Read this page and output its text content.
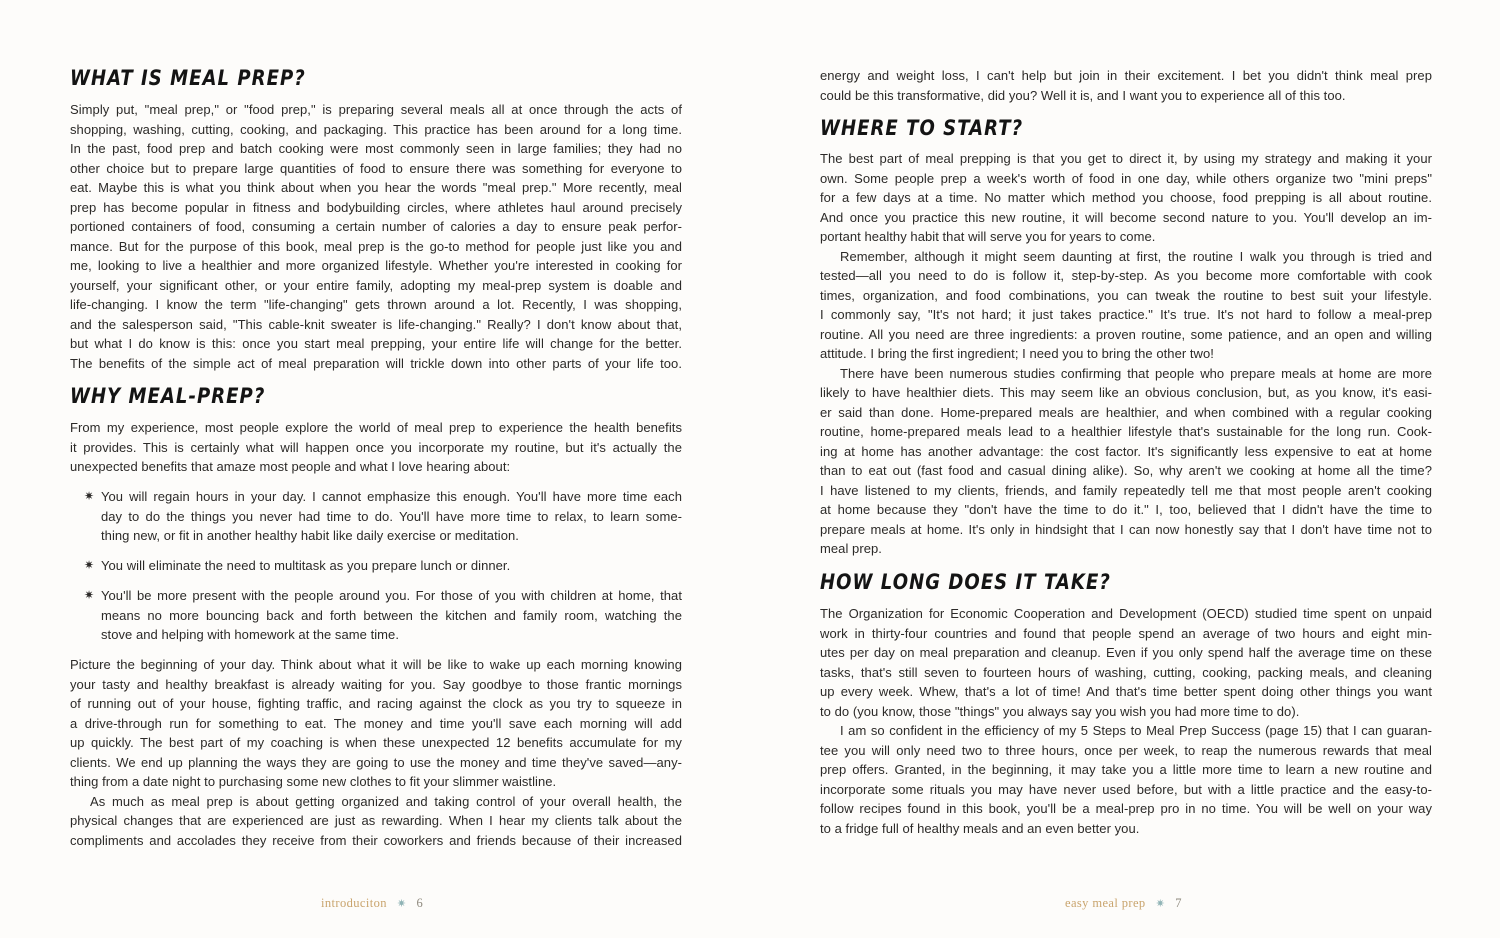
WHAT IS MEAL PREP?
Simply put, "meal prep," or "food prep," is preparing several meals all at once through the acts of
shopping, washing, cutting, cooking, and packaging. This practice has been around for a long time.
In the past, food prep and batch cooking were most commonly seen in large families; they had no
other choice but to prepare large quantities of food to ensure there was something for everyone to
eat. Maybe this is what you think about when you hear the words "meal prep." More recently, meal
prep has become popular in fitness and bodybuilding circles, where athletes haul around precisely
portioned containers of food, consuming a certain number of calories a day to ensure peak perfor-
mance. But for the purpose of this book, meal prep is the go-to method for people just like you and
me, looking to live a healthier and more organized lifestyle. Whether you're interested in cooking for
yourself, your significant other, or your entire family, adopting my meal-prep system is doable and
life-changing. I know the term "life-changing" gets thrown around a lot. Recently, I was shopping,
and the salesperson said, "This cable-knit sweater is life-changing." Really? I don't know about that,
but what I do know is this: once you start meal prepping, your entire life will change for the better.
The benefits of the simple act of meal preparation will trickle down into other parts of your life too.
WHY MEAL-PREP?
From my experience, most people explore the world of meal prep to experience the health benefits
it provides. This is certainly what will happen once you incorporate my routine, but it's actually the
unexpected benefits that amaze most people and what I love hearing about:
✷ You will regain hours in your day. I cannot emphasize this enough. You'll have more time each
day to do the things you never had time to do. You'll have more time to relax, to learn some-
thing new, or fit in another healthy habit like daily exercise or meditation.
✷ You will eliminate the need to multitask as you prepare lunch or dinner.
✷ You'll be more present with the people around you. For those of you with children at home, that
means no more bouncing back and forth between the kitchen and family room, watching the
stove and helping with homework at the same time.
Picture the beginning of your day. Think about what it will be like to wake up each morning knowing
your tasty and healthy breakfast is already waiting for you. Say goodbye to those frantic mornings
of running out of your house, fighting traffic, and racing against the clock as you try to squeeze in
a drive-through run for something to eat. The money and time you'll save each morning will add
up quickly. The best part of my coaching is when these unexpected 12 benefits accumulate for my
clients. We end up planning the ways they are going to use the money and time they've saved—any-
thing from a date night to purchasing some new clothes to fit your slimmer waistline.
As much as meal prep is about getting organized and taking control of your overall health, the
physical changes that are experienced are just as rewarding. When I hear my clients talk about the
compliments and accolades they receive from their coworkers and friends because of their increased
introduciton ✷ 6
energy and weight loss, I can't help but join in their excitement. I bet you didn't think meal prep
could be this transformative, did you? Well it is, and I want you to experience all of this too.
WHERE TO START?
The best part of meal prepping is that you get to direct it, by using my strategy and making it your
own. Some people prep a week's worth of food in one day, while others organize two "mini preps"
for a few days at a time. No matter which method you choose, food prepping is all about routine.
And once you practice this new routine, it will become second nature to you. You'll develop an im-
portant healthy habit that will serve you for years to come.
Remember, although it might seem daunting at first, the routine I walk you through is tried and
tested—all you need to do is follow it, step-by-step. As you become more comfortable with cook
times, organization, and food combinations, you can tweak the routine to best suit your lifestyle.
I commonly say, "It's not hard; it just takes practice." It's true. It's not hard to follow a meal-prep
routine. All you need are three ingredients: a proven routine, some patience, and an open and willing
attitude. I bring the first ingredient; I need you to bring the other two!
There have been numerous studies confirming that people who prepare meals at home are more
likely to have healthier diets. This may seem like an obvious conclusion, but, as you know, it's easi-
er said than done. Home-prepared meals are healthier, and when combined with a regular cooking
routine, home-prepared meals lead to a healthier lifestyle that's sustainable for the long run. Cook-
ing at home has another advantage: the cost factor. It's significantly less expensive to eat at home
than to eat out (fast food and casual dining alike). So, why aren't we cooking at home all the time?
I have listened to my clients, friends, and family repeatedly tell me that most people aren't cooking
at home because they "don't have the time to do it." I, too, believed that I didn't have the time to
prepare meals at home. It's only in hindsight that I can now honestly say that I don't have time not to
meal prep.
HOW LONG DOES IT TAKE?
The Organization for Economic Cooperation and Development (OECD) studied time spent on unpaid
work in thirty-four countries and found that people spend an average of two hours and eight min-
utes per day on meal preparation and cleanup. Even if you only spend half the average time on these
tasks, that's still seven to fourteen hours of washing, cutting, cooking, packing meals, and cleaning
up every week. Whew, that's a lot of time! And that's time better spent doing other things you want
to do (you know, those "things" you always say you wish you had more time to do).
I am so confident in the efficiency of my 5 Steps to Meal Prep Success (page 15) that I can guaran-
tee you will only need two to three hours, once per week, to reap the numerous rewards that meal
prep offers. Granted, in the beginning, it may take you a little more time to learn a new routine and
incorporate some rituals you may have never used before, but with a little practice and the easy-to-
follow recipes found in this book, you'll be a meal-prep pro in no time. You will be well on your way
to a fridge full of healthy meals and an even better you.
easy meal prep ✷ 7
